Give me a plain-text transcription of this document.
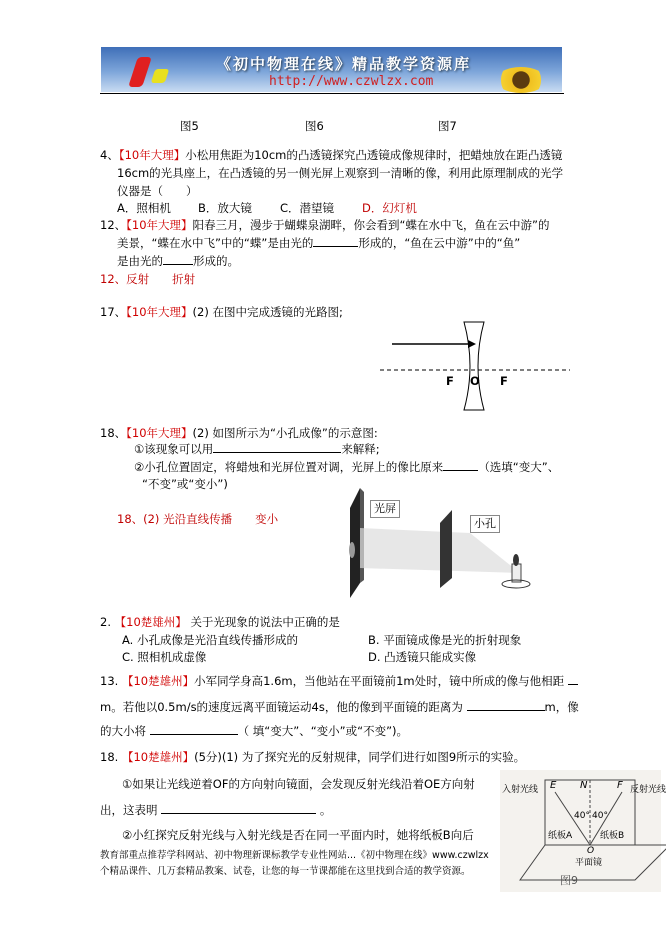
《初中物理在线》精品教学资源库
http://www.czwlzx.com
图5	图6	图7
4、【10年大理】小松用焦距为10cm的凸透镜探究凸透镜成像规律时，把蜡烛放在距凸透镜
16cm的光具座上，在凸透镜的另一侧光屏上观察到一清晰的像，利用此原理制成的光学
仪器是（　　）
A．照相机 B．放大镜 C．潜望镜 D．幻灯机
12、【10年大理】阳春三月，漫步于蝴蝶泉湖畔，你会看到“蝶在水中飞，鱼在云中游”的
美景，“蝶在水中飞”中的“蝶”是由光的	形成的，“鱼在云中游”中的“鱼”
是由光的	形成的。
12、反射　　折射
17、【10年大理】(2) 在图中完成透镜的光路图;
F O F
18、【10年大理】(2) 如图所示为“小孔成像”的示意图:
①该现象可以用	来解释;
②小孔位置固定，将蜡烛和光屏位置对调，光屏上的像比原来	（选填“变大”、
“不变”或“变小”)
18、(2) 光沿直线传播　　变小
光屏
小孔
2. 【10楚雄州】 关于光现象的说法中正确的是
A. 小孔成像是光沿直线传播形成的	B. 平面镜成像是光的折射现象
C. 照相机成虚像	D. 凸透镜只能成实像
13. 【10楚雄州】小军同学身高1.6m，当他站在平面镜前1m处时，镜中所成的像与他相距
m。若他以0.5m/s的速度远离平面镜运动4s，他的像到平面镜的距离为	m，像
的大小将	（ 填“变大”、“变小”或“不变”)。
18. 【10楚雄州】(5分)(1) 为了探究光的反射规律，同学们进行如图9所示的实验。
①如果让光线逆着OF的方向射向镜面，会发现反射光线沿着OE方向射
出，这表明	。
②小红探究反射光线与入射光线是否在同一平面内时，她将纸板B向后
入射光线	反射光线
E N	F
40° 40°
纸板A	纸板B
O
平面镜
图9
教育部重点推荐学科网站、初中物理新课标教学专业性网站...《初中物理在线》www.czwlzx
个精品课件、几万套精品教案、试卷，让您的每一节课都能在这里找到合适的教学资源。
